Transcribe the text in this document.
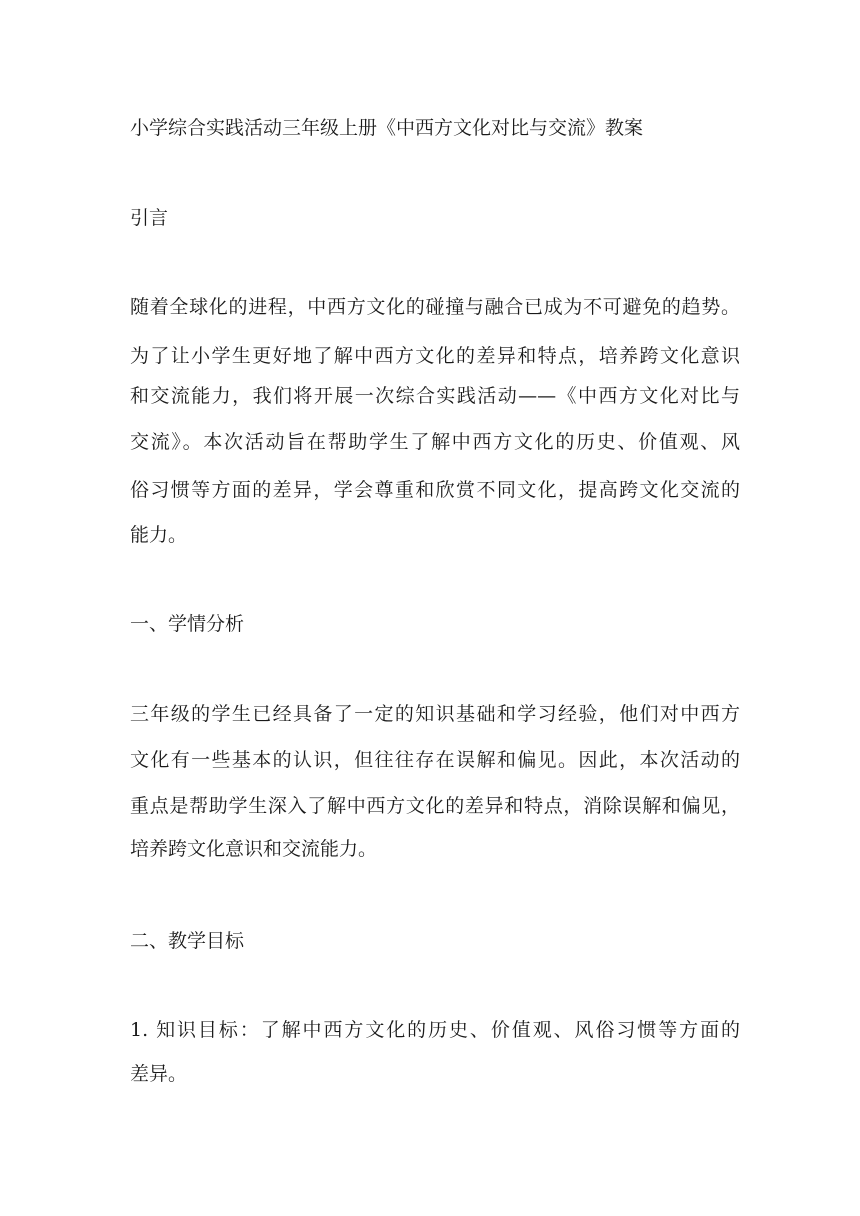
小学综合实践活动三年级上册《中西方文化对比与交流》教案
引言
随着全球化的进程，中西方文化的碰撞与融合已成为不可避免的趋势。
为了让小学生更好地了解中西方文化的差异和特点，培养跨文化意识
和交流能力，我们将开展一次综合实践活动——《中西方文化对比与
交流》。本次活动旨在帮助学生了解中西方文化的历史、价值观、风
俗习惯等方面的差异，学会尊重和欣赏不同文化，提高跨文化交流的
能力。
一、学情分析
三年级的学生已经具备了一定的知识基础和学习经验，他们对中西方
文化有一些基本的认识，但往往存在误解和偏见。因此，本次活动的
重点是帮助学生深入了解中西方文化的差异和特点，消除误解和偏见，
培养跨文化意识和交流能力。
二、教学目标
1. 知识目标：了解中西方文化的历史、价值观、风俗习惯等方面的
差异。
